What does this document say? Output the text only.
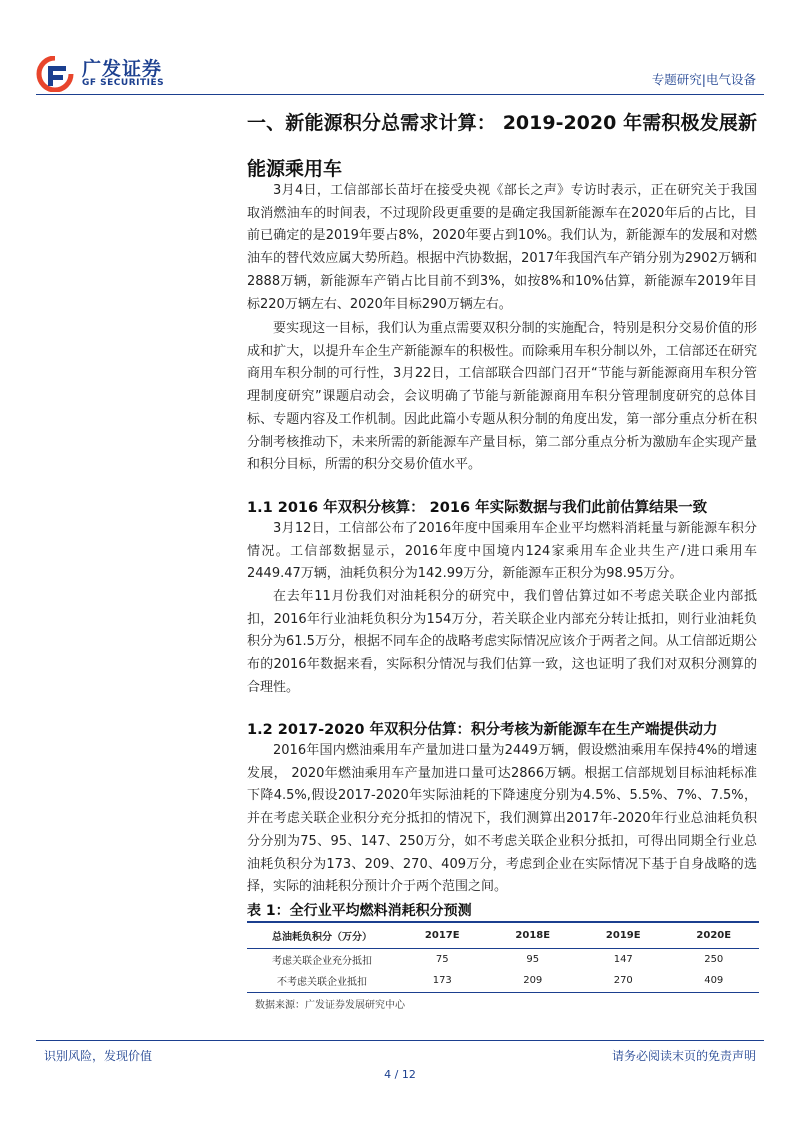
广发证券
GF SECURITIES	专题研究|电气设备
一、新能源积分总需求计算： 2019-2020 年需积极发展新能源乘用车

3月4日，工信部部长苗圩在接受央视《部长之声》专访时表示，正在研究关于我国取消燃油车的时间表，不过现阶段更重要的是确定我国新能源车在2020年后的占比，目前已确定的是2019年要占8%，2020年要占到10%。我们认为，新能源车的发展和对燃油车的替代效应属大势所趋。根据中汽协数据，2017年我国汽车产销分别为2902万辆和2888万辆，新能源车产销占比目前不到3%，如按8%和10%估算，新能源车2019年目标220万辆左右、2020年目标290万辆左右。

要实现这一目标，我们认为重点需要双积分制的实施配合，特别是积分交易价值的形成和扩大，以提升车企生产新能源车的积极性。而除乘用车积分制以外，工信部还在研究商用车积分制的可行性，3月22日，工信部联合四部门召开“节能与新能源商用车积分管理制度研究”课题启动会，会议明确了节能与新能源商用车积分管理制度研究的总体目标、专题内容及工作机制。因此此篇小专题从积分制的角度出发，第一部分重点分析在积分制考核推动下，未来所需的新能源车产量目标，第二部分重点分析为激励车企实现产量和积分目标，所需的积分交易价值水平。

1.1 2016 年双积分核算： 2016 年实际数据与我们此前估算结果一致

3月12日，工信部公布了2016年度中国乘用车企业平均燃料消耗量与新能源车积分情况。工信部数据显示，2016年度中国境内124家乘用车企业共生产/进口乘用车2449.47万辆，油耗负积分为142.99万分，新能源车正积分为98.95万分。

在去年11月份我们对油耗积分的研究中，我们曾估算过如不考虑关联企业内部抵扣，2016年行业油耗负积分为154万分，若关联企业内部充分转让抵扣，则行业油耗负积分为61.5万分，根据不同车企的战略考虑实际情况应该介于两者之间。从工信部近期公布的2016年数据来看，实际积分情况与我们估算一致，这也证明了我们对双积分测算的合理性。

1.2 2017-2020 年双积分估算：积分考核为新能源车在生产端提供动力

2016年国内燃油乘用车产量加进口量为2449万辆，假设燃油乘用车保持4%的增速发展， 2020年燃油乘用车产量加进口量可达2866万辆。根据工信部规划目标油耗标准下降4.5%,假设2017-2020年实际油耗的下降速度分别为4.5%、5.5%、7%、7.5%，并在考虑关联企业积分充分抵扣的情况下，我们测算出2017年-2020年行业总油耗负积分分别为75、95、147、250万分，如不考虑关联企业积分抵扣，可得出同期全行业总油耗负积分为173、209、270、409万分，考虑到企业在实际情况下基于自身战略的选择，实际的油耗积分预计介于两个范围之间。

表 1：全行业平均燃料消耗积分预测
总油耗负积分（万分）	2017E	2018E	2019E	2020E
考虑关联企业充分抵扣	75	95	147	250
不考虑关联企业抵扣	173	209	270	409
数据来源：广发证券发展研究中心
识别风险，发现价值	请务必阅读末页的免责声明
4 / 12
